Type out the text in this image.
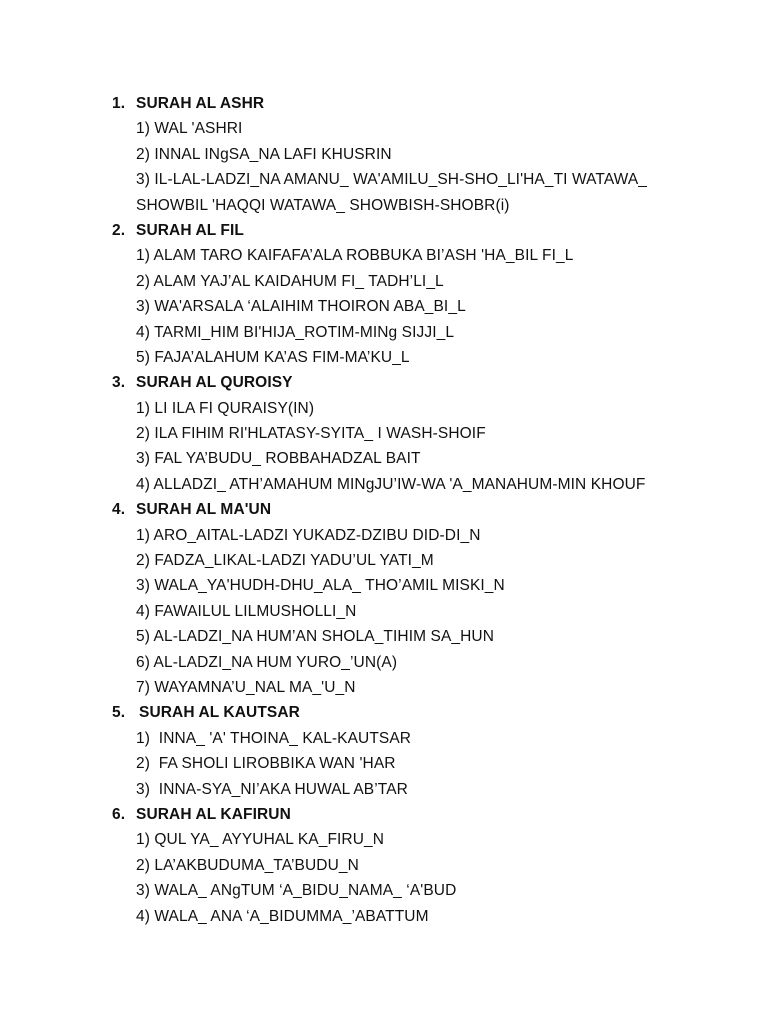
1. SURAH AL ASHR
1) WAL 'ASHRI
2) INNAL INgSA_NA LAFI KHUSRIN
3) IL-LAL-LADZI_NA AMANU_ WA'AMILU_SH-SHO_LI'HA_TI WATAWA_
SHOWBIL 'HAQQI WATAWA_ SHOWBISH-SHOBR(i)
2. SURAH AL FIL
1) ALAM TARO KAIFAFA’ALA ROBBUKA BI’ASH 'HA_BIL FI_L
2) ALAM YAJ’AL KAIDAHUM FI_ TADH’LI_L
3) WA'ARSALA ‘ALAIHIM THOIRON ABA_BI_L
4) TARMI_HIM BI'HIJA_ROTIM-MINg SIJJI_L
5) FAJA’ALAHUM KA’AS FIM-MA’KU_L
3. SURAH AL QUROISY
1) LI ILA FI QURAISY(IN)
2) ILA FIHIM RI'HLATASY-SYITA_ I WASH-SHOIF
3) FAL YA’BUDU_ ROBBAHADZAL BAIT
4) ALLADZI_ ATH’AMAHUM MINgJU’IW-WA 'A_MANAHUM-MIN KHOUF
4. SURAH AL MA'UN
1) ARO_AITAL-LADZI YUKADZ-DZIBU DID-DI_N
2) FADZA_LIKAL-LADZI YADU’UL YATI_M
3) WALA_YA'HUDH-DHU_ALA_ THO’AMIL MISKI_N
4) FAWAILUL LILMUSHOLLI_N
5) AL-LADZI_NA HUM’AN SHOLA_TIHIM SA_HUN
6) AL-LADZI_NA HUM YURO_’UN(A)
7) WAYAMNA’U_NAL MA_'U_N
5. SURAH AL KAUTSAR
1)  INNA_ 'A' THOINA_ KAL-KAUTSAR
2)  FA SHOLI LIROBBIKA WAN 'HAR
3)  INNA-SYA_NI’AKA HUWAL AB’TAR
6. SURAH AL KAFIRUN
1) QUL YA_ AYYUHAL KA_FIRU_N
2) LA’AKBUDUMA_TA’BUDU_N
3) WALA_ ANgTUM ‘A_BIDU_NAMA_ ‘A'BUD
4) WALA_ ANA ‘A_BIDUMMA_’ABATTUM
